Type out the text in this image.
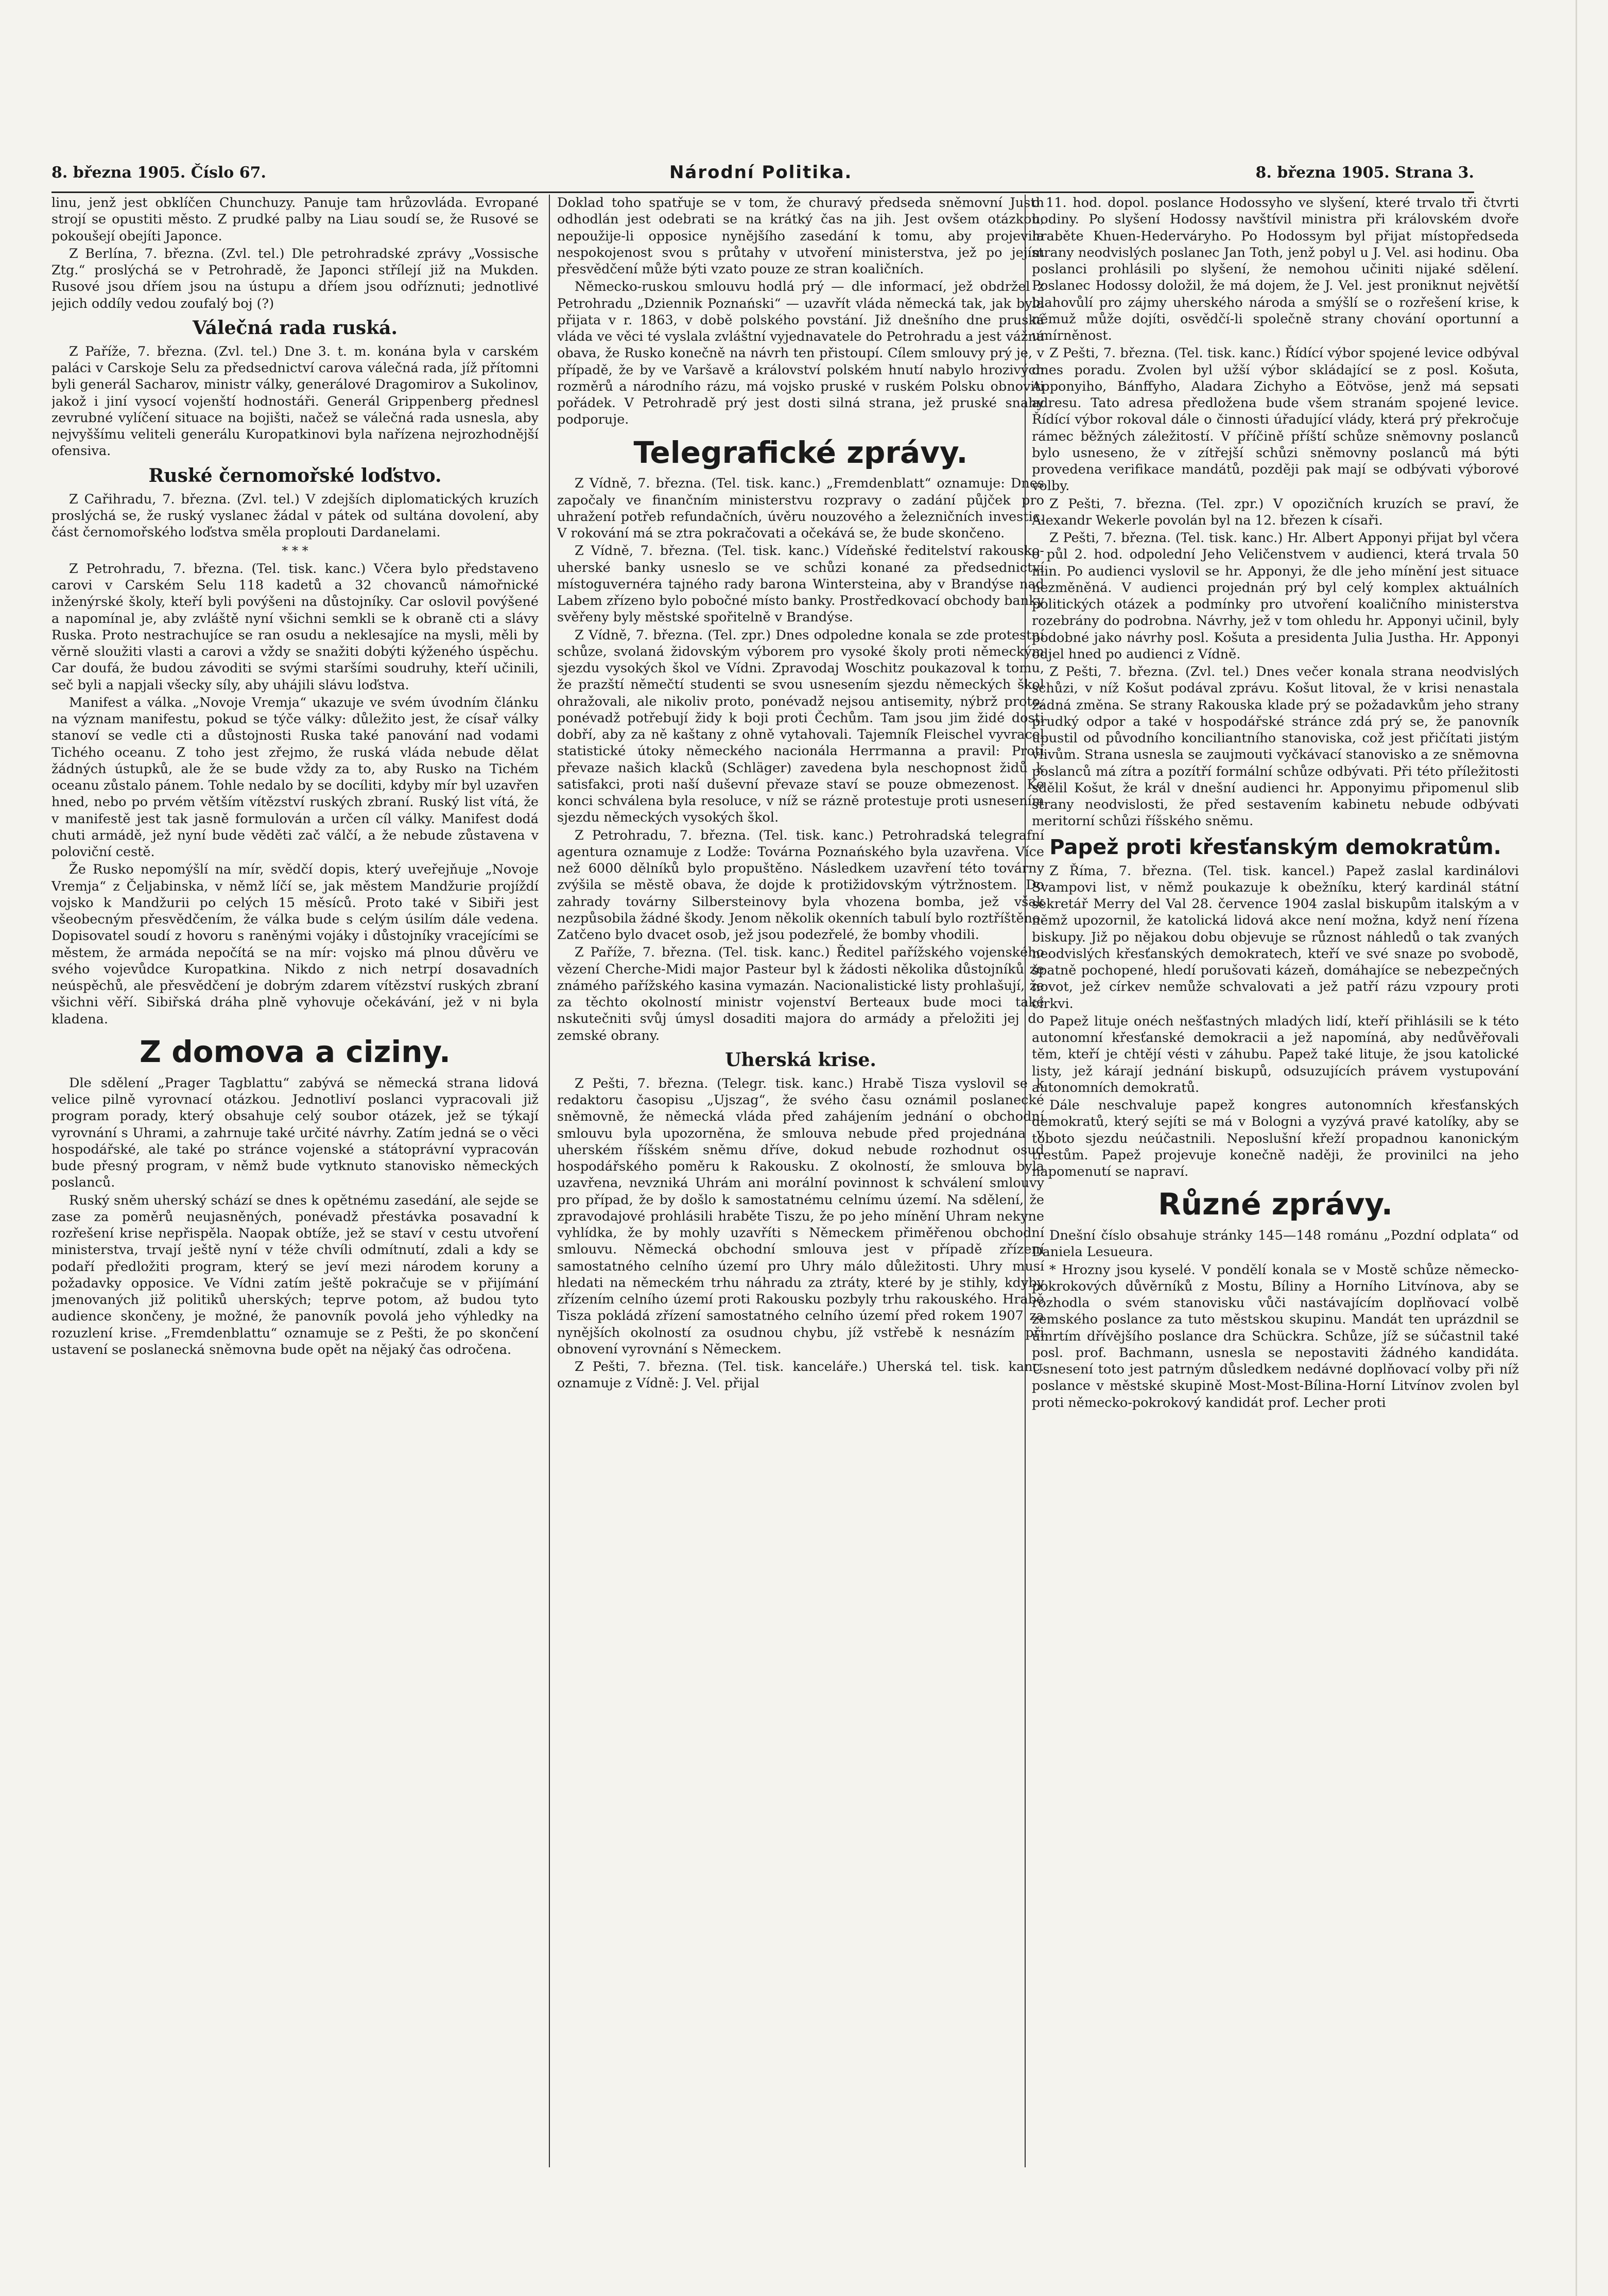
8. března 1905. Číslo 67.	Národní Politika.	8. března 1905. Strana 3.

linu, jenž jest obklíčen Chunchuzy. Panuje tam hrůzovláda. Evropané strojí se opustiti město. Z prudké palby na Liau soudí se, že Rusové se pokoušejí obejíti Japonce.

Z Berlína, 7. března. (Zvl. tel.) Dle petrohradské zprávy „Vossische Ztg.“ proslýchá se v Petrohradě, že Japonci střílejí již na Mukden. Rusové jsou dříem jsou na ústupu a dříem jsou odříznuti; jednotlivé jejich oddíly vedou zoufalý boj (?)

Válečná rada ruská.

Z Paříže, 7. března. (Zvl. tel.) Dne 3. t. m. konána byla v carském paláci v Carskoje Selu za předsednictví carova válečná rada, jíž přítomni byli generál Sacharov, ministr války, generálové Dragomirov a Sukolinov, jakož i jiní vysocí vojenští hodnostáři. Generál Grippenberg přednesl zevrubné vylíčení situace na bojišti, načež se válečná rada usnesla, aby nejvyššímu veliteli generálu Kuropatkinovi byla nařízena nejrozhodnější ofensiva.

Ruské černomořské loďstvo.

Z Cařihradu, 7. března. (Zvl. tel.) V zdejších diplomatických kruzích proslýchá se, že ruský vyslanec žádal v pátek od sultána dovolení, aby část černomořského loďstva směla proplouti Dardanelami.

* * *

Z Petrohradu, 7. března. (Tel. tisk. kanc.) Včera bylo představeno carovi v Carském Selu 118 kadetů a 32 chovanců námořnické inženýrské školy, kteří byli povýšeni na důstojníky. Car oslovil povýšené a napomínal je, aby zvláště nyní všichni semkli se k obraně cti a slávy Ruska. Proto nestrachujíce se ran osudu a neklesajíce na mysli, měli by věrně sloužiti vlasti a carovi a vždy se snažiti dobýti kýženého úspěchu. Car doufá, že budou závoditi se svými staršími soudruhy, kteří učinili, seč byli a napjali všecky síly, aby uhájili slávu loďstva.

Manifest a válka. „Novoje Vremja“ ukazuje ve svém úvodním článku na význam manifestu, pokud se týče války: důležito jest, že císař války stanoví se vedle cti a důstojnosti Ruska také panování nad vodami Tichého oceanu. Z toho jest zřejmo, že ruská vláda nebude dělat žádných ústupků, ale že se bude vždy za to, aby Rusko na Tichém oceanu zůstalo pánem. Tohle nedalo by se docíliti, kdyby mír byl uzavřen hned, nebo po prvém větším vítězství ruských zbraní. Ruský list vítá, že v manifestě jest tak jasně formulován a určen cíl války. Manifest dodá chuti armádě, jež nyní bude věděti zač válčí, a že nebude zůstavena v poloviční cestě.

Že Rusko nepomýšlí na mír, svědčí dopis, který uveřejňuje „Novoje Vremja“ z Čeljabinska, v němž líčí se, jak městem Mandžurie projíždí vojsko k Mandžurii po celých 15 měsíců. Proto také v Sibiři jest všeobecným přesvědčením, že válka bude s celým úsilím dále vedena. Dopisovatel soudí z hovoru s raněnými vojáky i důstojníky vracejícími se městem, že armáda nepočítá se na mír: vojsko má plnou důvěru ve svého vojevůdce Kuropatkina. Nikdo z nich netrpí dosavadních neúspěchů, ale přesvědčení je dobrým zdarem vítězství ruských zbraní všichni věří. Sibiřská dráha plně vyhovuje očekávání, jež v ni byla kladena.

Z domova a ciziny.

Dle sdělení „Prager Tagblattu“ zabývá se německá strana lidová velice pilně vyrovnací otázkou. Jednotliví poslanci vypracovali již program porady, který obsahuje celý soubor otázek, jež se týkají vyrovnání s Uhrami, a zahrnuje také určité návrhy. Zatím jedná se o věci hospodářské, ale také po stránce vojenské a státoprávní vypracován bude přesný program, v němž bude vytknuto stanovisko německých poslanců.

Ruský sněm uherský schází se dnes k opětnému zasedání, ale sejde se zase za poměrů neujasněných, ponévadž přestávka posavadní k rozřešení krise nepřispěla. Naopak obtíže, jež se staví v cestu utvoření ministerstva, trvají ještě nyní v téže chvíli odmítnutí, zdali a kdy se podaří předložiti program, který se jeví mezi národem koruny a požadavky opposice. Ve Vídni zatím ještě pokračuje se v přijímání jmenovaných již politiků uherských; teprve potom, až budou tyto audience skončeny, je možné, že panovník povolá jeho výhledky na rozuzlení krise. „Fremdenblattu“ oznamuje se z Pešti, že po skončení ustavení se poslanecká sněmovna bude opět na nějaký čas odročena.

Doklad toho spatřuje se v tom, že churavý předseda sněmovní Justh odhodlán jest odebrati se na krátký čas na jih. Jest ovšem otázkou, nepoužije-li opposice nynějšího zasedání k tomu, aby projevila nespokojenost svou s průtahy v utvoření ministerstva, jež po jejím přesvědčení může býti vzato pouze ze stran koaličních.

Německo-ruskou smlouvu hodlá prý — dle informací, jež obdržel z Petrohradu „Dziennik Poznański“ — uzavřít vláda německá tak, jak byla přijata v r. 1863, v době polského povstání. Již dnešního dne pruská vláda ve věci té vyslala zvláštní vyjednavatele do Petrohradu a jest vážná obava, že Rusko konečně na návrh ten přistoupí. Cílem smlouvy prý je, v případě, že by ve Varšavě a království polském hnutí nabylo hrozivých rozměrů a národního rázu, má vojsko pruské v ruském Polsku obnoviti pořádek. V Petrohradě prý jest dosti silná strana, jež pruské snahy podporuje.

Telegrafické zprávy.

Z Vídně, 7. března. (Tel. tisk. kanc.) „Fremdenblatt“ oznamuje: Dnes započaly ve finančním ministerstvu rozpravy o zadání půjček pro uhražení potřeb refundačních, úvěru nouzového a železničních investic. V rokování má se ztra pokračovati a očekává se, že bude skončeno.

Z Vídně, 7. března. (Tel. tisk. kanc.) Vídeňské ředitelství rakousko-uherské banky usneslo se ve schůzi konané za předsednictví místoguvernéra tajného rady barona Wintersteina, aby v Brandýse nad Labem zřízeno bylo pobočné místo banky. Prostředkovací obchody banky svěřeny byly městské spořitelně v Brandýse.

Z Vídně, 7. března. (Tel. zpr.) Dnes odpoledne konala se zde protestní schůze, svolaná židovským výborem pro vysoké školy proti německým sjezdu vysokých škol ve Vídni. Zpravodaj Woschitz poukazoval k tomu, že prazští němečtí studenti se svou usnesením sjezdu německých škol ohražovali, ale nikoliv proto, ponévadž nejsou antisemity, nýbrž proto, ponévadž potřebují židy k boji proti Čechům. Tam jsou jim židé dosti dobří, aby za ně kaštany z ohně vytahovali. Tajemník Fleischel vyvracel statistické útoky německého nacionála Herrmanna a pravil: Proti převaze našich klacků (Schläger) zavedena byla neschopnost židů k satisfakci, proti naší duševní převaze staví se pouze obmezenost. Ke konci schválena byla resoluce, v níž se rázně protestuje proti usnesením sjezdu německých vysokých škol.

Z Petrohradu, 7. března. (Tel. tisk. kanc.) Petrohradská telegrafní agentura oznamuje z Lodže: Továrna Poznańského byla uzavřena. Více než 6000 dělníků bylo propuštěno. Následkem uzavření této továrny zvýšila se městě obava, že dojde k protižidovským výtržnostem. Do zahrady továrny Silbersteinovy byla vhozena bomba, jež však nezpůsobila žádné škody. Jenom několik okenních tabulí bylo roztříštěno. Zatčeno bylo dvacet osob, jež jsou podezřelé, že bomby vhodili.

Z Paříže, 7. března. (Tel. tisk. kanc.) Ředitel pařížského vojenského vězení Cherche-Midi major Pasteur byl k žádosti několika důstojníků ze známého pařížského kasina vymazán. Nacionalistické listy prohlašují, že za těchto okolností ministr vojenství Berteaux bude moci také nskutečniti svůj úmysl dosaditi majora do armády a přeložiti jej do zemské obrany.

Uherská krise.

Z Pešti, 7. března. (Telegr. tisk. kanc.) Hrabě Tisza vyslovil se k redaktoru časopisu „Ujszag“, že svého času oznámil poslanecké sněmovně, že německá vláda před zahájením jednání o obchodní smlouvu byla upozorněna, že smlouva nebude před projednána v uherském říšském sněmu dříve, dokud nebude rozhodnut osud hospodářského poměru k Rakousku. Z okolností, že smlouva byla uzavřena, nevzniká Uhrám ani morální povinnost k schválení smlouvy pro případ, že by došlo k samostatnému celnímu území. Na sdělení, že zpravodajové prohlásili hraběte Tiszu, že po jeho mínění Uhram nekyne vyhlídka, že by mohly uzavříti s Německem přiměřenou obchodní smlouvu. Německá obchodní smlouva jest v případě zřízení samostatného celního území pro Uhry málo důležitosti. Uhry musí hledati na německém trhu náhradu za ztráty, které by je stihly, kdyby zřízením celního území proti Rakousku pozbyly trhu rakouského. Hrabě Tisza pokládá zřízení samostatného celního území před rokem 1907 za nynějších okolností za osudnou chybu, jíž vstřebě k nesnázím při obnovení vyrovnání s Německem.

Z Pešti, 7. března. (Tel. tisk. kanceláře.) Uherská tel. tisk. kanc. oznamuje z Vídně: J. Vel. přijal

o 11. hod. dopol. poslance Hodossyho ve slyšení, které trvalo tři čtvrti hodiny. Po slyšení Hodossy navštívil ministra při královském dvoře hraběte Khuen-Hederváryho. Po Hodossym byl přijat místopředseda strany neodvislých poslanec Jan Toth, jenž pobyl u J. Vel. asi hodinu. Oba poslanci prohlásili po slyšení, že nemohou učiniti nijaké sdělení. Poslanec Hodossy doložil, že má dojem, že J. Vel. jest proniknut největší blahovůlí pro zájmy uherského národa a smýšlí se o rozřešení krise, k němuž může dojíti, osvědčí-li společně strany chování oportunní a umírněnost.

Z Pešti, 7. března. (Tel. tisk. kanc.) Řídící výbor spojené levice odbýval dnes poradu. Zvolen byl užší výbor skládající se z posl. Košuta, Apponyiho, Bánffyho, Aladara Zichyho a Eötvöse, jenž má sepsati adresu. Tato adresa předložena bude všem stranám spojené levice. Řídící výbor rokoval dále o činnosti úřadující vlády, která prý překročuje rámec běžných záležitostí. V příčině příští schůze sněmovny poslanců bylo usneseno, že v zítřejší schůzi sněmovny poslanců má býti provedena verifikace mandátů, později pak mají se odbývati výborové volby.

Z Pešti, 7. března. (Tel. zpr.) V opozičních kruzích se praví, že Alexandr Wekerle povolán byl na 12. březen k císaři.

Z Pešti, 7. března. (Tel. tisk. kanc.) Hr. Albert Apponyi přijat byl včera o půl 2. hod. odpolední Jeho Veličenstvem v audienci, která trvala 50 min. Po audienci vyslovil se hr. Apponyi, že dle jeho mínění jest situace nezměněná. V audienci projednán prý byl celý komplex aktuálních politických otázek a podmínky pro utvoření koaličního ministerstva rozebrány do podrobna. Návrhy, jež v tom ohledu hr. Apponyi učinil, byly podobné jako návrhy posl. Košuta a presidenta Julia Justha. Hr. Apponyi odjel hned po audienci z Vídně.

Z Pešti, 7. března. (Zvl. tel.) Dnes večer konala strana neodvislých schůzi, v níž Košut podával zprávu. Košut litoval, že v krisi nenastala žádná změna. Se strany Rakouska klade prý se požadavkům jeho strany prudký odpor a také v hospodářské stránce zdá prý se, že panovník upustil od původního konciliantního stanoviska, což jest přičítati jistým vlivům. Strana usnesla se zaujmouti vyčkávací stanovisko a ze sněmovna poslanců má zítra a pozítří formální schůze odbývati. Při této příležitosti sdělil Košut, že král v dnešní audienci hr. Apponyimu připomenul slib strany neodvislosti, že před sestavením kabinetu nebude odbývati meritorní schůzi říšského sněmu.

Papež proti křesťanským demokratům.

Z Říma, 7. března. (Tel. tisk. kancel.) Papež zaslal kardinálovi Svampovi list, v němž poukazuje k obežníku, který kardinál státní sekretář Merry del Val 28. července 1904 zaslal biskupům italským a v němž upozornil, že katolická lidová akce není možna, když není řízena biskupy. Již po nějakou dobu objevuje se různost náhledů o tak zvaných neodvislých křesťanských demokratech, kteří ve své snaze po svobodě, špatně pochopené, hledí porušovati kázeň, domáhajíce se nebezpečných novot, jež církev nemůže schvalovati a jež patří rázu vzpoury proti církvi.

Papež lituje onéch nešťastných mladých lidí, kteří přihlásili se k této autonomní křesťanské demokracii a jež napomíná, aby nedůvěřovali těm, kteří je chtějí vésti v záhubu. Papež také lituje, že jsou katolické listy, jež kárají jednání biskupů, odsuzujících právem vystupování autonomních demokratů.

Dále neschvaluje papež kongres autonomních křesťanských demokratů, který sejíti se má v Bologni a vyzývá pravé katolíky, aby se toboto sjezdu neúčastnili. Neposlušní křeží propadnou kanonickým trestům. Papež projevuje konečně naději, že provinilci na jeho napomenutí se napraví.

Různé zprávy.

Dnešní číslo obsahuje stránky 145—148 románu „Pozdní odplata“ od Daniela Lesueura.

* Hrozny jsou kyselé. V pondělí konala se v Mostě schůze německo-pokrokových důvěrníků z Mostu, Bíliny a Horního Litvínova, aby se rozhodla o svém stanovisku vůči nastávajícím doplňovací volbě zemského poslance za tuto městskou skupinu. Mandát ten uprázdnil se úmrtím dřívějšího poslance dra Schückra. Schůze, jíž se súčastnil také posl. prof. Bachmann, usnesla se nepostaviti žádného kandidáta. Usnesení toto jest patrným důsledkem nedávné doplňovací volby při níž poslance v městské skupině Most-Most-Bílina-Horní Litvínov zvolen byl proti německo-pokrokový kandidát prof. Lecher proti
